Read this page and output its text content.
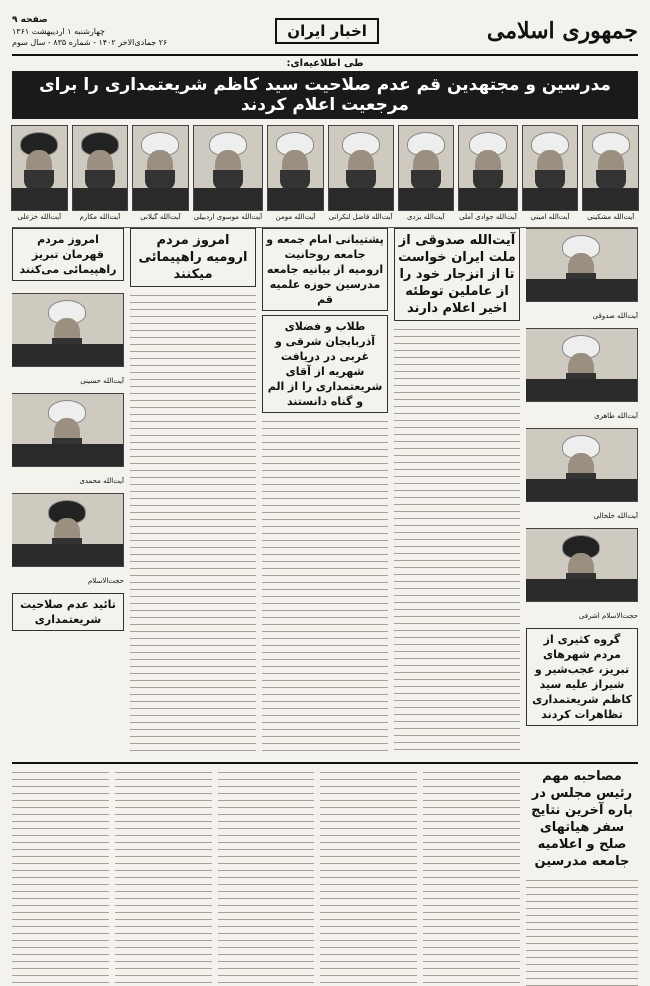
جمهوری اسلامی
اخبار ایران
صفحه ۹
چهارشنبه ۱ اردیبهشت ۱۳۶۱
۲۶ جمادی‌الاخر ۱۴۰۲ - شماره ۸۳۵ - سال سوم
طی اطلاعیه‌ای:
مدرسین و مجتهدین قم عدم صلاحیت سید کاظم شریعتمداری را برای مرجعیت اعلام کردند
آیت‌الله مشکینی
آیت‌الله امینی
آیت‌الله جوادی آملی
آیت‌الله یزدی
آیت‌الله فاضل لنکرانی
آیت‌الله مومن
آیت‌الله موسوی اردبیلی
آیت‌الله گیلانی
آیت‌الله مکارم
آیت‌الله خزعلی
آیت‌الله صدوقی
آیت‌الله طاهری
آیت‌الله خلخالی
حجت‌الاسلام اشرفی
گروه کثیری از مردم شهرهای تبریز، عجب‌شیر و شیراز علیه سید کاظم شریعتمداری تظاهرات کردند
آیت‌الله صدوقی از ملت ایران خواست تا از انزجار خود را از عاملین توطئه اخیر اعلام دارند
پشتیبانی امام جمعه و جامعه روحانیت ارومیه از بیانیه جامعه مدرسین حوزه علمیه قم
طلاب و فضلای آذربایجان شرقی و غربی در دریافت شهریه از آقای شریعتمداری را از الم و گناه دانستند
امروز مردم ارومیه راهپیمائی میکنند
امروز مردم قهرمان تبریز راهپیمائی می‌کنند
آیت‌الله حسینی
آیت‌الله محمدی
حجت‌الاسلام
تائید عدم صلاحیت شریعتمداری
مصاحبه مهم رئیس مجلس در باره آخرین نتایج سفر هیاتهای صلح و اعلامیه جامعه مدرسین
